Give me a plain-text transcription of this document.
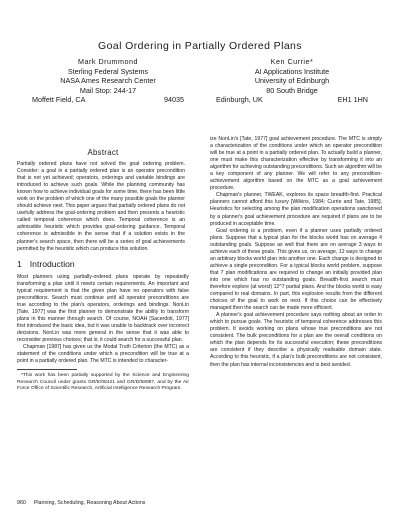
Goal Ordering in Partially Ordered Plans
Mark Drummond
Sterling Federal Systems
NASA Ames Research Center
Mail Stop: 244-17
Moffett Field, CA	94035
Ken Currie*
AI Applications Institute
University of Edinburgh
80 South Bridge
Edinburgh, UK	EH1 1HN
Abstract

Partially ordered plans have not solved the goal ordering problem. Consider: a goal in a partially ordered plan is an operator precondition that is not yet achieved; operators, orderings and variable bindings are introduced to achieve such goals. While the planning community has known how to achieve individual goals for some time, there has been little work on the problem of which one of the many possible goals the planner should achieve next. This paper argues that partially ordered plans do not usefully address the goal-ordering problem and then presents a heuristic called temporal coherence which does. Temporal coherence is an admissible heuristic which provides goal-ordering guidance. Temporal coherence is admissible in the sense that if a solution exists in the planner's search space, then there will be a series of goal achievements permitted by the heuristic which can produce this solution.

1 Introduction

Most planners using partially-ordered plans operate by repeatedly transforming a plan until it meets certain requirements. An important and typical requirement is that the given plan have no operators with false preconditions. Search must continue until all operator preconditions are true according to the plan's operators, orderings and bindings. NonLin [Tate, 1977] was the first planner to demonstrate the ability to transform plans in this manner through search. Of course, NOAH [Sacerdoti, 1977] first introduced the basic idea, but it was unable to backtrack over incorrect decisions. NonLin was more general in the sense that it was able to reconsider previous choices; that is; it could search for a successful plan.

Chapman [1987] has given us the Modal Truth Criterion (the MTC) as a statement of the conditions under which a precondition will be true at a point in a partially ordered plan. The MTC is intended to character-

*This work has been partially supported by the Science and Engineering Research Council under grants GR/E/05421 and GR/D/58987, and by the Air Force Office of Scientific Research, Artificial Intelligence Research Program.

ize NonLin's [Tate, 1977] goal achievement procedure. The MTC is simply a characterization of the conditions under which an operator precondition will be true at a point in a partially ordered plan. To actually build a planner, one must make this characterization effective by transforming it into an algorithm for achieving outstanding preconditions. Such an algorithm will be a key component of any planner. We will refer to any precondition-achievement algorithm based on the MTC as a goal achievement procedure.

Chapman's planner, TWEAK, explores its space breadth-first. Practical planners cannot afford this luxury [Wilkins, 1984; Currie and Tate, 1985]. Heuristics for selecting among the plan modification operations sanctioned by a planner's goal achievement procedure are required if plans are to be produced in acceptable time.

Goal ordering is a problem, even if a planner uses partially ordered plans. Suppose that a typical plan for the blocks world has on average 4 outstanding goals. Suppose as well that there are on average 3 ways to achieve each of these goals. This gives us, on average, 12 ways to change an arbitrary blocks world plan into another one. Each change is designed to achieve a single precondition. For a typical blocks world problem, suppose that 7 plan modifications are required to change an initially provided plan into one which has no outstanding goals. Breadth-first search must therefore explore (at worst) 12^7 partial plans. And the blocks world is easy compared to real domains. In part, this explosion results from the different choices of the goal to work on next. If this choice can be effectively managed then the search can be made more efficient.

A planner's goal achievement procedure says nothing about an order in which to pursue goals. The heuristic of temporal coherence addresses this problem. It avoids working on plans whose true preconditions are not consistent. The bulk preconditions for a plan are the overall conditions on which the plan depends for its successful execution; these preconditions are consistent if they describe a physically realisable domain state. According to this heuristic, if a plan's bulk preconditions are not consistent, then the plan has internal inconsistencies and is best avoided.

960 Planning, Scheduling, Reasoning About Actions
